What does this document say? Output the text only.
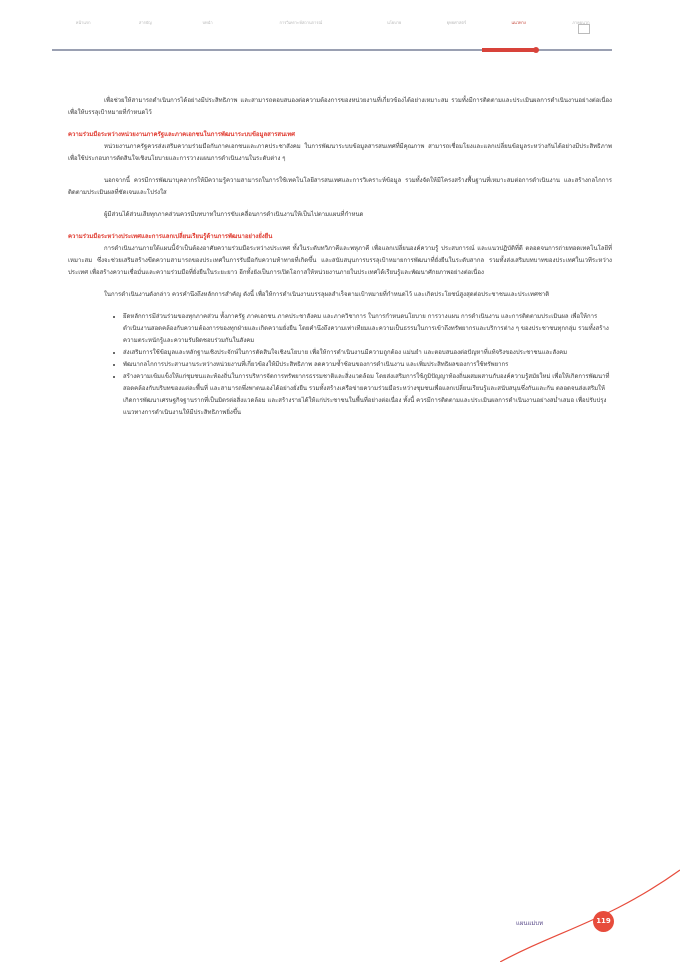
หน้าแรก	สารบัญ	บทนำ	การวิเคราะห์สถานการณ์	นโยบาย	ยุทธศาสตร์	แนวทาง	ภาคผนวก

เพื่อช่วยให้สามารถดำเนินการได้อย่างมีประสิทธิภาพ และสามารถตอบสนองต่อความต้องการของหน่วยงานที่เกี่ยวข้องได้อย่างเหมาะสม รวมทั้งมีการติดตามและประเมินผลการดำเนินงานอย่างต่อเนื่อง เพื่อให้บรรลุเป้าหมายที่กำหนดไว้

ความร่วมมือระหว่างหน่วยงานภาครัฐและภาคเอกชนในการพัฒนาระบบข้อมูลสารสนเทศ

หน่วยงานภาครัฐควรส่งเสริมความร่วมมือกับภาคเอกชนและภาคประชาสังคม ในการพัฒนาระบบข้อมูลสารสนเทศที่มีคุณภาพ สามารถเชื่อมโยงและแลกเปลี่ยนข้อมูลระหว่างกันได้อย่างมีประสิทธิภาพ เพื่อใช้ประกอบการตัดสินใจเชิงนโยบายและการวางแผนการดำเนินงานในระดับต่าง ๆ

นอกจากนี้ ควรมีการพัฒนาบุคลากรให้มีความรู้ความสามารถในการใช้เทคโนโลยีสารสนเทศและการวิเคราะห์ข้อมูล รวมทั้งจัดให้มีโครงสร้างพื้นฐานที่เหมาะสมต่อการดำเนินงาน และสร้างกลไกการติดตามประเมินผลที่ชัดเจนและโปร่งใส

ผู้มีส่วนได้ส่วนเสียทุกภาคส่วนควรมีบทบาทในการขับเคลื่อนการดำเนินงานให้เป็นไปตามแผนที่กำหนด

ความร่วมมือระหว่างประเทศและการแลกเปลี่ยนเรียนรู้ด้านการพัฒนาอย่างยั่งยืน

การดำเนินงานภายใต้แผนนี้จำเป็นต้องอาศัยความร่วมมือระหว่างประเทศ ทั้งในระดับทวิภาคีและพหุภาคี เพื่อแลกเปลี่ยนองค์ความรู้ ประสบการณ์ และแนวปฏิบัติที่ดี ตลอดจนการถ่ายทอดเทคโนโลยีที่เหมาะสม ซึ่งจะช่วยเสริมสร้างขีดความสามารถของประเทศในการรับมือกับความท้าทายที่เกิดขึ้น และสนับสนุนการบรรลุเป้าหมายการพัฒนาที่ยั่งยืนในระดับสากล รวมทั้งส่งเสริมบทบาทของประเทศในเวทีระหว่างประเทศ เพื่อสร้างความเชื่อมั่นและความร่วมมือที่ยั่งยืนในระยะยาว อีกทั้งยังเป็นการเปิดโอกาสให้หน่วยงานภายในประเทศได้เรียนรู้และพัฒนาศักยภาพอย่างต่อเนื่อง

ในการดำเนินงานดังกล่าว ควรคำนึงถึงหลักการสำคัญ ดังนี้ เพื่อให้การดำเนินงานบรรลุผลสำเร็จตามเป้าหมายที่กำหนดไว้ และเกิดประโยชน์สูงสุดต่อประชาชนและประเทศชาติ

• ยึดหลักการมีส่วนร่วมของทุกภาคส่วน ทั้งภาครัฐ ภาคเอกชน ภาคประชาสังคม และภาควิชาการ ในการกำหนดนโยบาย การวางแผน การดำเนินงาน และการติดตามประเมินผล เพื่อให้การดำเนินงานสอดคล้องกับความต้องการของทุกฝ่ายและเกิดความยั่งยืน โดยคำนึงถึงความเท่าเทียมและความเป็นธรรมในการเข้าถึงทรัพยากรและบริการต่าง ๆ ของประชาชนทุกกลุ่ม รวมทั้งสร้างความตระหนักรู้และความรับผิดชอบร่วมกันในสังคม
• ส่งเสริมการใช้ข้อมูลและหลักฐานเชิงประจักษ์ในการตัดสินใจเชิงนโยบาย เพื่อให้การดำเนินงานมีความถูกต้อง แม่นยำ และตอบสนองต่อปัญหาที่แท้จริงของประชาชนและสังคม
• พัฒนากลไกการประสานงานระหว่างหน่วยงานที่เกี่ยวข้องให้มีประสิทธิภาพ ลดความซ้ำซ้อนของการดำเนินงาน และเพิ่มประสิทธิผลของการใช้ทรัพยากร
• สร้างความเข้มแข็งให้แก่ชุมชนและท้องถิ่นในการบริหารจัดการทรัพยากรธรรมชาติและสิ่งแวดล้อม โดยส่งเสริมการใช้ภูมิปัญญาท้องถิ่นผสมผสานกับองค์ความรู้สมัยใหม่ เพื่อให้เกิดการพัฒนาที่สอดคล้องกับบริบทของแต่ละพื้นที่ และสามารถพึ่งพาตนเองได้อย่างยั่งยืน รวมทั้งสร้างเครือข่ายความร่วมมือระหว่างชุมชนเพื่อแลกเปลี่ยนเรียนรู้และสนับสนุนซึ่งกันและกัน ตลอดจนส่งเสริมให้เกิดการพัฒนาเศรษฐกิจฐานรากที่เป็นมิตรต่อสิ่งแวดล้อม และสร้างรายได้ให้แก่ประชาชนในพื้นที่อย่างต่อเนื่อง ทั้งนี้ ควรมีการติดตามและประเมินผลการดำเนินงานอย่างสม่ำเสมอ เพื่อปรับปรุงแนวทางการดำเนินงานให้มีประสิทธิภาพยิ่งขึ้น
แผนแม่บท	119
